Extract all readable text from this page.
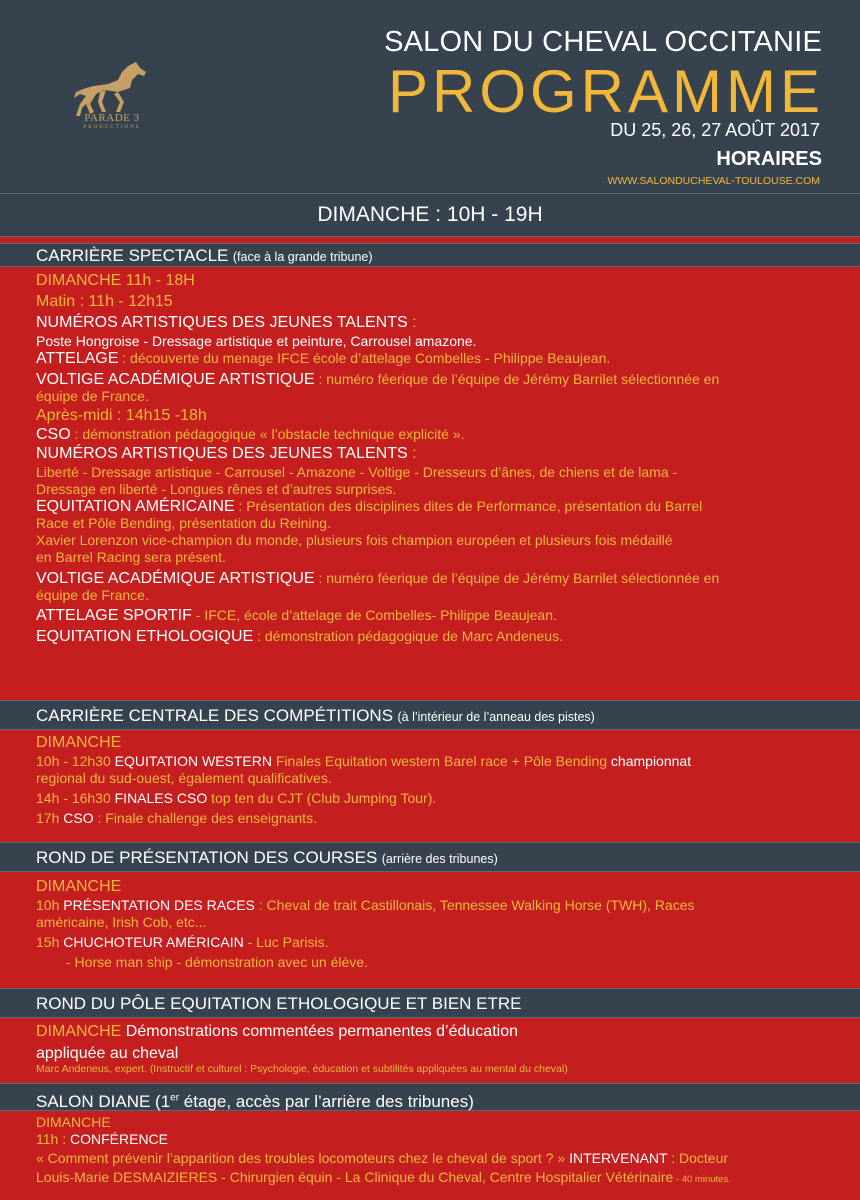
PARADE 3
PRODUCTIONS
SALON DU CHEVAL OCCITANIE
PROGRAMME
DU 25, 26, 27 AOÛT 2017
HORAIRES
WWW.SALONDUCHEVAL-TOULOUSE.COM
DIMANCHE : 10H - 19H
CARRIÈRE SPECTACLE (face à la grande tribune)
DIMANCHE 11h - 18H
Matin : 11h - 12h15
NUMÉROS ARTISTIQUES DES JEUNES TALENTS :
Poste Hongroise - Dressage artistique et peinture, Carrousel amazone.
ATTELAGE : découverte du menage IFCE école d’attelage Combelles - Philippe Beaujean.
VOLTIGE ACADÉMIQUE ARTISTIQUE : numéro féerique de l’équipe de Jérémy Barrilet sélectionnée en
équipe de France.
Après-midi : 14h15 -18h
CSO : démonstration pédagogique « l’obstacle technique explicité ».
NUMÉROS ARTISTIQUES DES JEUNES TALENTS :
Liberté - Dressage artistique - Carrousel - Amazone - Voltige - Dresseurs d’ânes, de chiens et de lama -
Dressage en liberté - Longues rênes et d’autres surprises.
EQUITATION AMÉRICAINE : Présentation des disciplines dites de Performance, présentation du Barrel
Race et Pôle Bending, présentation du Reining.
Xavier Lorenzon vice-champion du monde, plusieurs fois champion européen et plusieurs fois médaillé
en Barrel Racing sera présent.
VOLTIGE ACADÉMIQUE ARTISTIQUE : numéro féerique de l’équipe de Jérémy Barrilet sélectionnée en
équipe de France.
ATTELAGE SPORTIF - IFCE, école d’attelage de Combelles- Philippe Beaujean.
EQUITATION ETHOLOGIQUE : démonstration pédagogique de Marc Andeneus.
CARRIÈRE CENTRALE DES COMPÉTITIONS (à l’intérieur de l’anneau des pistes)
DIMANCHE
10h - 12h30 EQUITATION WESTERN Finales Equitation western Barel race + Pôle Bending championnat
regional du sud-ouest, également qualificatives.
14h - 16h30 FINALES CSO top ten du CJT (Club Jumping Tour).
17h CSO : Finale challenge des enseignants.
ROND DE PRÉSENTATION DES COURSES (arrière des tribunes)
DIMANCHE
10h PRÉSENTATION DES RACES : Cheval de trait Castillonais, Tennessee Walking Horse (TWH), Races
américaine, Irish Cob, etc...
15h CHUCHOTEUR AMÉRICAIN - Luc Parisis.
- Horse man ship - démonstration avec un élève.
ROND DU PÔLE EQUITATION ETHOLOGIQUE ET BIEN ETRE
DIMANCHE Démonstrations commentées permanentes d’éducation
appliquée au cheval
Marc Andeneus, expert. (Instructif et culturel : Psychologie, éducation et subtilités appliquées au mental du cheval)
SALON DIANE (1er étage, accès par l’arrière des tribunes)
DIMANCHE
11h : CONFÉRENCE
« Comment prévenir l’apparition des troubles locomoteurs chez le cheval de sport ? » INTERVENANT : Docteur
Louis-Marie DESMAIZIERES - Chirurgien équin - La Clinique du Cheval, Centre Hospitalier Vétérinaire - 40 minutes.
